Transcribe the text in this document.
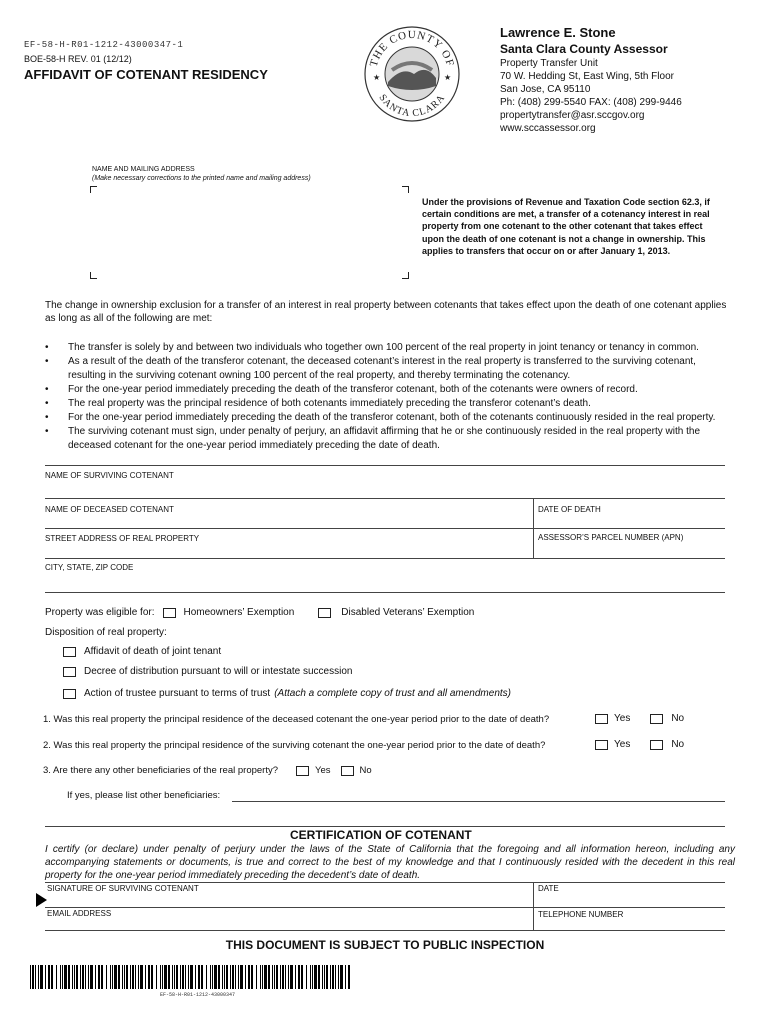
EF-58-H-R01-1212-43000347-1
BOE-58-H REV. 01 (12/12)
AFFIDAVIT OF COTENANT RESIDENCY
THE COUNTY OF
SANTA CLARA
★	★
Lawrence E. Stone
Santa Clara County Assessor
Property Transfer Unit
70 W. Hedding St, East Wing, 5th Floor
San Jose, CA 95110
Ph: (408) 299-5540 FAX: (408) 299-9446
propertytransfer@asr.sccgov.org
www.sccassessor.org
NAME AND MAILING ADDRESS
(Make necessary corrections to the printed name and mailing address)
Under the provisions of Revenue and Taxation Code section 62.3, if certain conditions are met, a transfer of a cotenancy interest in real property from one cotenant to the other cotenant that takes effect upon the death of one cotenant is not a change in ownership. This applies to transfers that occur on or after January 1, 2013.
The change in ownership exclusion for a transfer of an interest in real property between cotenants that takes effect upon the death of one cotenant applies as long as all of the following are met:
• The transfer is solely by and between two individuals who together own 100 percent of the real property in joint tenancy or tenancy in common.
• As a result of the death of the transferor cotenant, the deceased cotenant’s interest in the real property is transferred to the surviving cotenant, resulting in the surviving cotenant owning 100 percent of the real property, and thereby terminating the cotenancy.
• For the one-year period immediately preceding the death of the transferor cotenant, both of the cotenants were owners of record.
• The real property was the principal residence of both cotenants immediately preceding the transferor cotenant’s death.
• For the one-year period immediately preceding the death of the transferor cotenant, both of the cotenants continuously resided in the real property.
• The surviving cotenant must sign, under penalty of perjury, an affidavit affirming that he or she continuously resided in the real property with the deceased cotenant for the one-year period immediately preceding the date of death.
NAME OF SURVIVING COTENANT
NAME OF DECEASED COTENANT	DATE OF DEATH
STREET ADDRESS OF REAL PROPERTY	ASSESSOR’S PARCEL NUMBER (APN)
CITY, STATE, ZIP CODE
Property was eligible for:	Homeowners’ Exemption	Disabled Veterans’ Exemption
Disposition of real property:
Affidavit of death of joint tenant
Decree of distribution pursuant to will or intestate succession
Action of trustee pursuant to terms of trust (Attach a complete copy of trust and all amendments)
1. Was this real property the principal residence of the deceased cotenant the one-year period prior to the date of death?	Yes	No
2. Was this real property the principal residence of the surviving cotenant the one-year period prior to the date of death?	Yes	No
3. Are there any other beneficiaries of the real property?	Yes	No
If yes, please list other beneficiaries:
CERTIFICATION OF COTENANT
I certify (or declare) under penalty of perjury under the laws of the State of California that the foregoing and all information hereon, including any accompanying statements or documents, is true and correct to the best of my knowledge and that I continuously resided with the decedent in this real property for the one-year period immediately preceding the decedent’s date of death.
SIGNATURE OF SURVIVING COTENANT	DATE
EMAIL ADDRESS	TELEPHONE NUMBER
THIS DOCUMENT IS SUBJECT TO PUBLIC INSPECTION
EF-58-H-R01-1212-43000347
